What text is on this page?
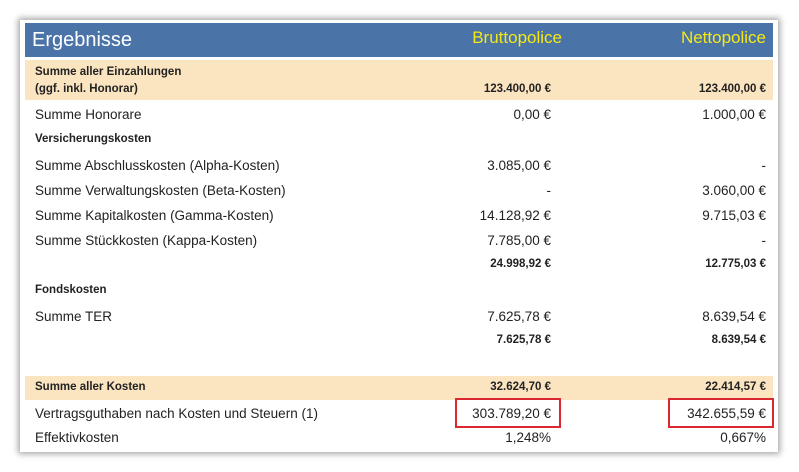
Ergebnisse	Bruttopolice	Nettopolice
Summe aller Einzahlungen
(ggf. inkl. Honorar)	123.400,00 €	123.400,00 €
Summe Honorare	0,00 €	1.000,00 €
Versicherungskosten
Summe Abschlusskosten (Alpha-Kosten)	3.085,00 €	-
Summe Verwaltungskosten (Beta-Kosten)	-	3.060,00 €
Summe Kapitalkosten (Gamma-Kosten)	14.128,92 €	9.715,03 €
Summe Stückkosten (Kappa-Kosten)	7.785,00 €	-
24.998,92 €	12.775,03 €
Fondskosten
Summe TER	7.625,78 €	8.639,54 €
7.625,78 €	8.639,54 €
Summe aller Kosten	32.624,70 €	22.414,57 €
Vertragsguthaben nach Kosten und Steuern (1)	303.789,20 €	342.655,59 €
Effektivkosten	1,248%	0,667%
